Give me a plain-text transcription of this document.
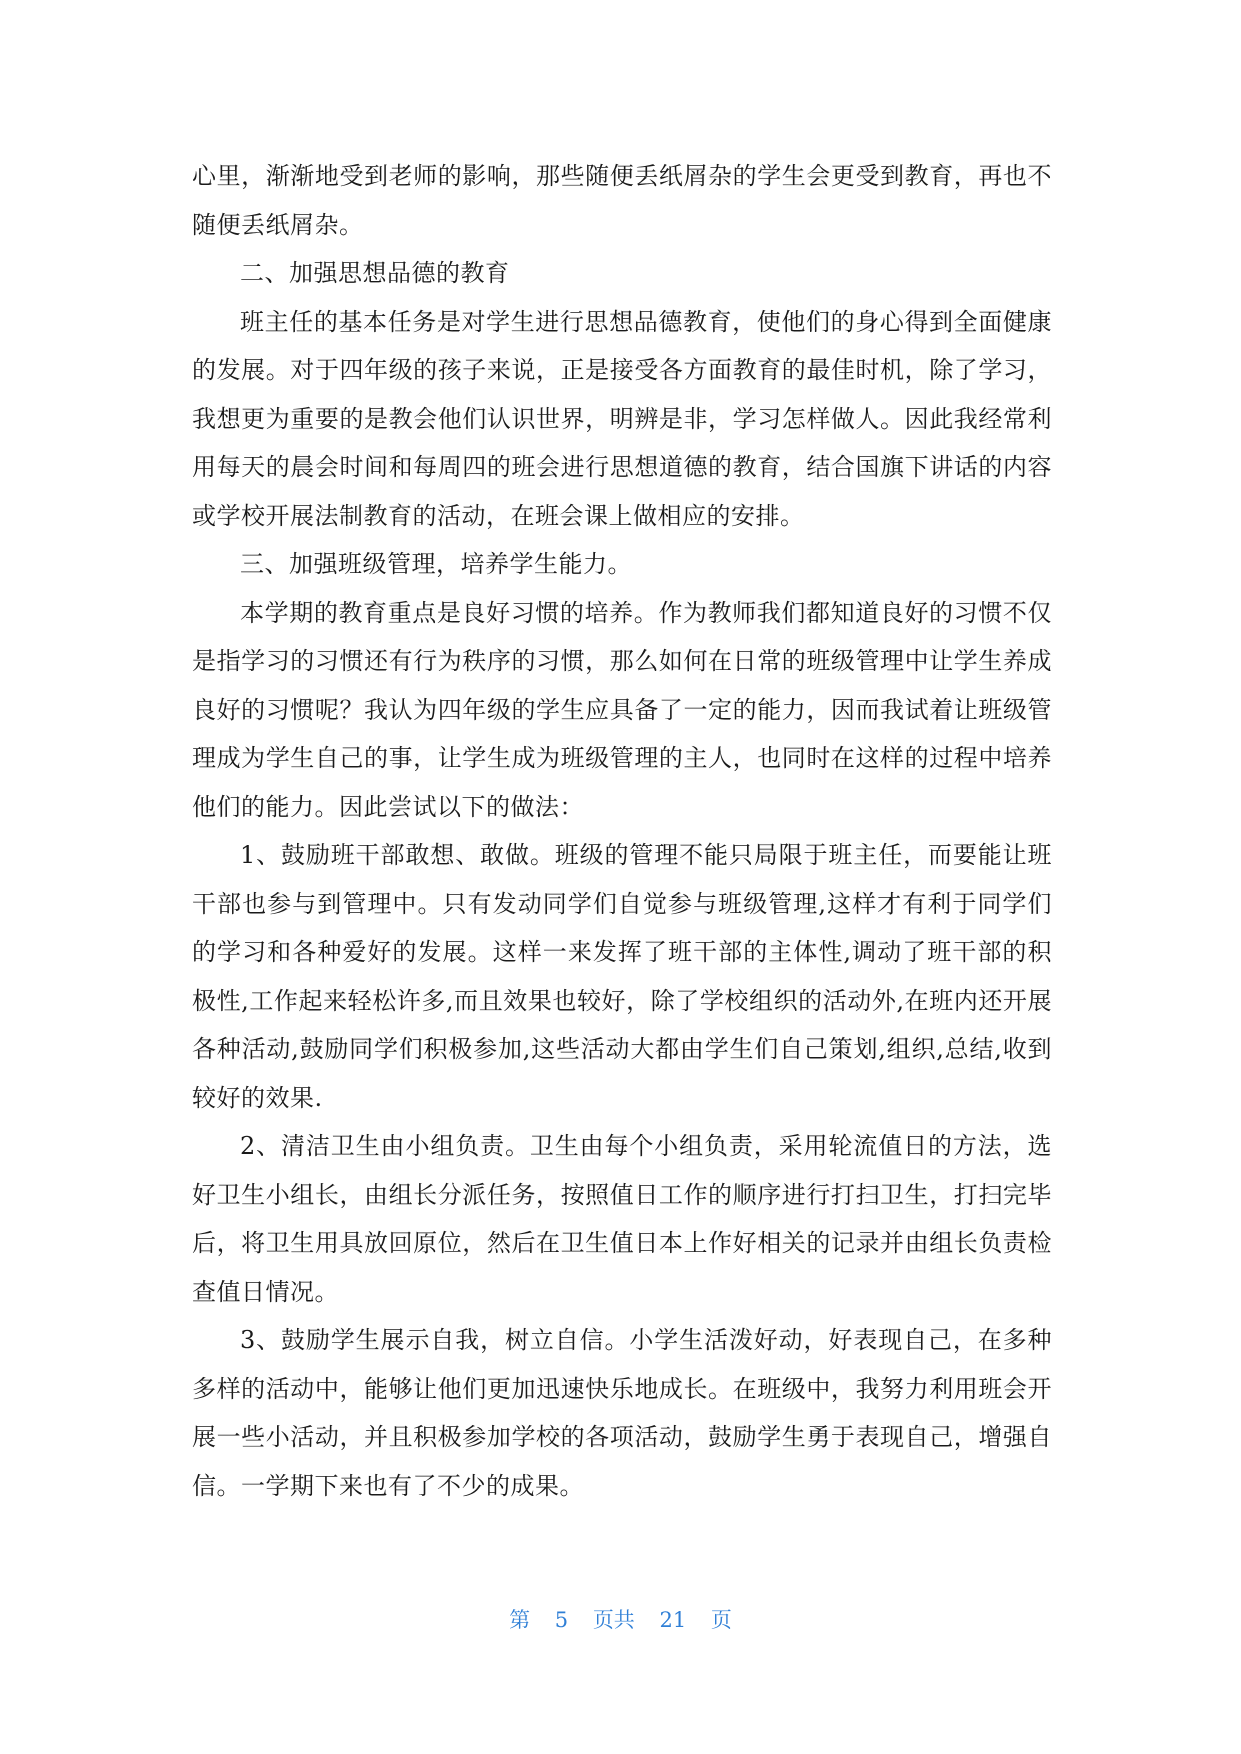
心里，渐渐地受到老师的影响，那些随便丢纸屑杂的学生会更受到教育，再也不随便丢纸屑杂。

二、加强思想品德的教育

班主任的基本任务是对学生进行思想品德教育，使他们的身心得到全面健康的发展。对于四年级的孩子来说，正是接受各方面教育的最佳时机，除了学习，我想更为重要的是教会他们认识世界，明辨是非，学习怎样做人。因此我经常利用每天的晨会时间和每周四的班会进行思想道德的教育，结合国旗下讲话的内容或学校开展法制教育的活动，在班会课上做相应的安排。

三、加强班级管理，培养学生能力。

本学期的教育重点是良好习惯的培养。作为教师我们都知道良好的习惯不仅是指学习的习惯还有行为秩序的习惯，那么如何在日常的班级管理中让学生养成良好的习惯呢？我认为四年级的学生应具备了一定的能力，因而我试着让班级管理成为学生自己的事，让学生成为班级管理的主人，也同时在这样的过程中培养他们的能力。因此尝试以下的做法：

1、鼓励班干部敢想、敢做。班级的管理不能只局限于班主任，而要能让班干部也参与到管理中。只有发动同学们自觉参与班级管理,这样才有利于同学们的学习和各种爱好的发展。这样一来发挥了班干部的主体性,调动了班干部的积极性,工作起来轻松许多,而且效果也较好，除了学校组织的活动外,在班内还开展各种活动,鼓励同学们积极参加,这些活动大都由学生们自己策划,组织,总结,收到较好的效果.

2、清洁卫生由小组负责。卫生由每个小组负责，采用轮流值日的方法，选好卫生小组长，由组长分派任务，按照值日工作的顺序进行打扫卫生，打扫完毕后，将卫生用具放回原位，然后在卫生值日本上作好相关的记录并由组长负责检查值日情况。

3、鼓励学生展示自我，树立自信。小学生活泼好动，好表现自己，在多种多样的活动中，能够让他们更加迅速快乐地成长。在班级中，我努力利用班会开展一些小活动，并且积极参加学校的各项活动，鼓励学生勇于表现自己，增强自信。一学期下来也有了不少的成果。

第 5 页共 21 页
